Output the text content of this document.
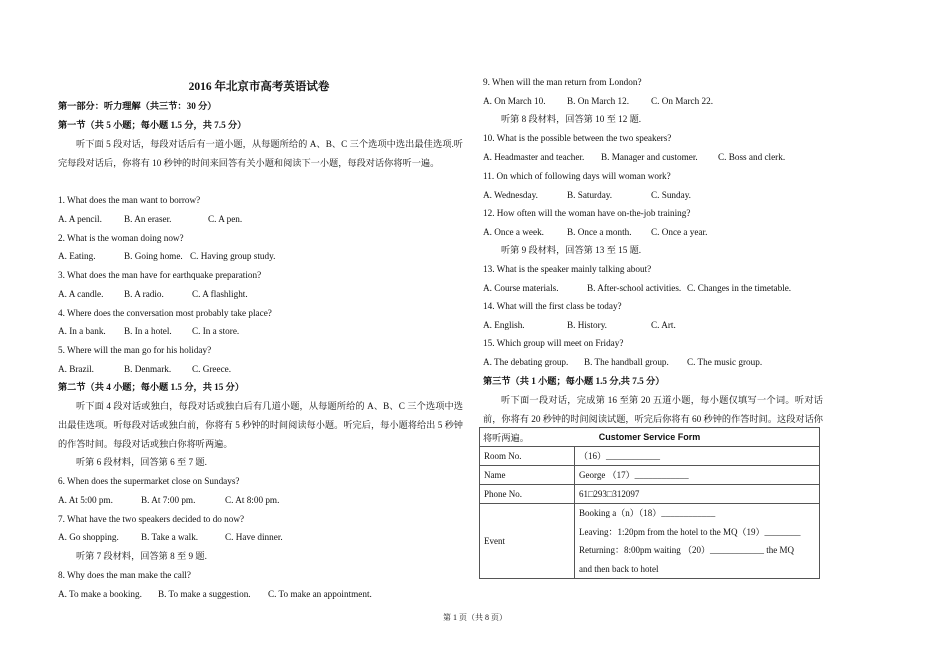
2016 年北京市高考英语试卷
第一部分：听力理解（共三节：30 分）
第一节（共 5 小题；每小题 1.5 分，共 7.5 分）
听下面 5 段对话，每段对话后有一道小题，从每题所给的 A、B、C 三个选项中选出最佳选项.听完每段对话后，你将有 10 秒钟的时间来回答有关小题和阅读下一小题，每段对话你将听一遍。
1. What does the man want to borrow?
A. A pencil. B. An eraser.	C. A pen.
2. What is the woman doing now?
A. Eating.	B. Going home. C. Having group study.
3. What does the man have for earthquake preparation?
A. A candle. B. A radio.	C. A flashlight.
4. Where does the conversation most probably take place?
A. In a bank. B. In a hotel. C. In a store.
5. Where will the man go for his holiday?
A. Brazil.	B. Denmark. C. Greece.
第二节（共 4 小题；每小题 1.5 分，共 15 分）
听下面 4 段对话或独白，每段对话或独白后有几道小题，从每题所给的 A、B、C 三个选项中选出最佳选项。听每段对话或独白前，你将有 5 秒钟的时间阅读每小题。听完后，每小题将给出 5 秒钟的作答时间。每段对话或独白你将听两遍。
听第 6 段材料，回答第 6 至 7 题.
6. When does the supermarket close on Sundays?
A. At 5:00 pm.	B. At 7:00 pm.	C. At 8:00 pm.
7. What have the two speakers decided to do now?
A. Go shopping. B. Take a walk.	C. Have dinner.
听第 7 段材料，回答第 8 至 9 题.
8. Why does the man make the call?
A. To make a booking. B. To make a suggestion. C. To make an appointment.
9. When will the man return from London?
A. On March 10. B. On March 12. C. On March 22.
听第 8 段材料，回答第 10 至 12 题.
10. What is the possible between the two speakers?
A. Headmaster and teacher. B. Manager and customer. C. Boss and clerk.
11. On which of following days will woman work?
A. Wednesday.	B. Saturday.	C. Sunday.
12. How often will the woman have on-the-job training?
A. Once a week.	B. Once a month. C. Once a year.
听第 9 段材料，回答第 13 至 15 题.
13. What is the speaker mainly talking about?
A. Course materials.	B. After-school activities. C. Changes in the timetable.
14. What will the first class be today?
A. English.	B. History.	C. Art.
15. Which group will meet on Friday?
A. The debating group. B. The handball group. C. The music group.
第三节（共 1 小题；每小题 1.5 分,共 7.5 分）
听下面一段对话，完成第 16 至第 20 五道小题，每小题仅填写一个词。听对话前，你将有 20 秒钟的时间阅读试题，听完后你将有 60 秒钟的作答时间。这段对话你将听两遍。	Customer Service Form	
Room No.	（16）____________
Name	George （17）____________
Phone No.	61□293□312097
Event	Booking a（n）（18）____________
Leaving：1:20pm from the hotel to the MQ（19）________
Returning：8:00pm waiting （20）____________ the MQ
and then back to hotel
第 1 页（共 8 页）
